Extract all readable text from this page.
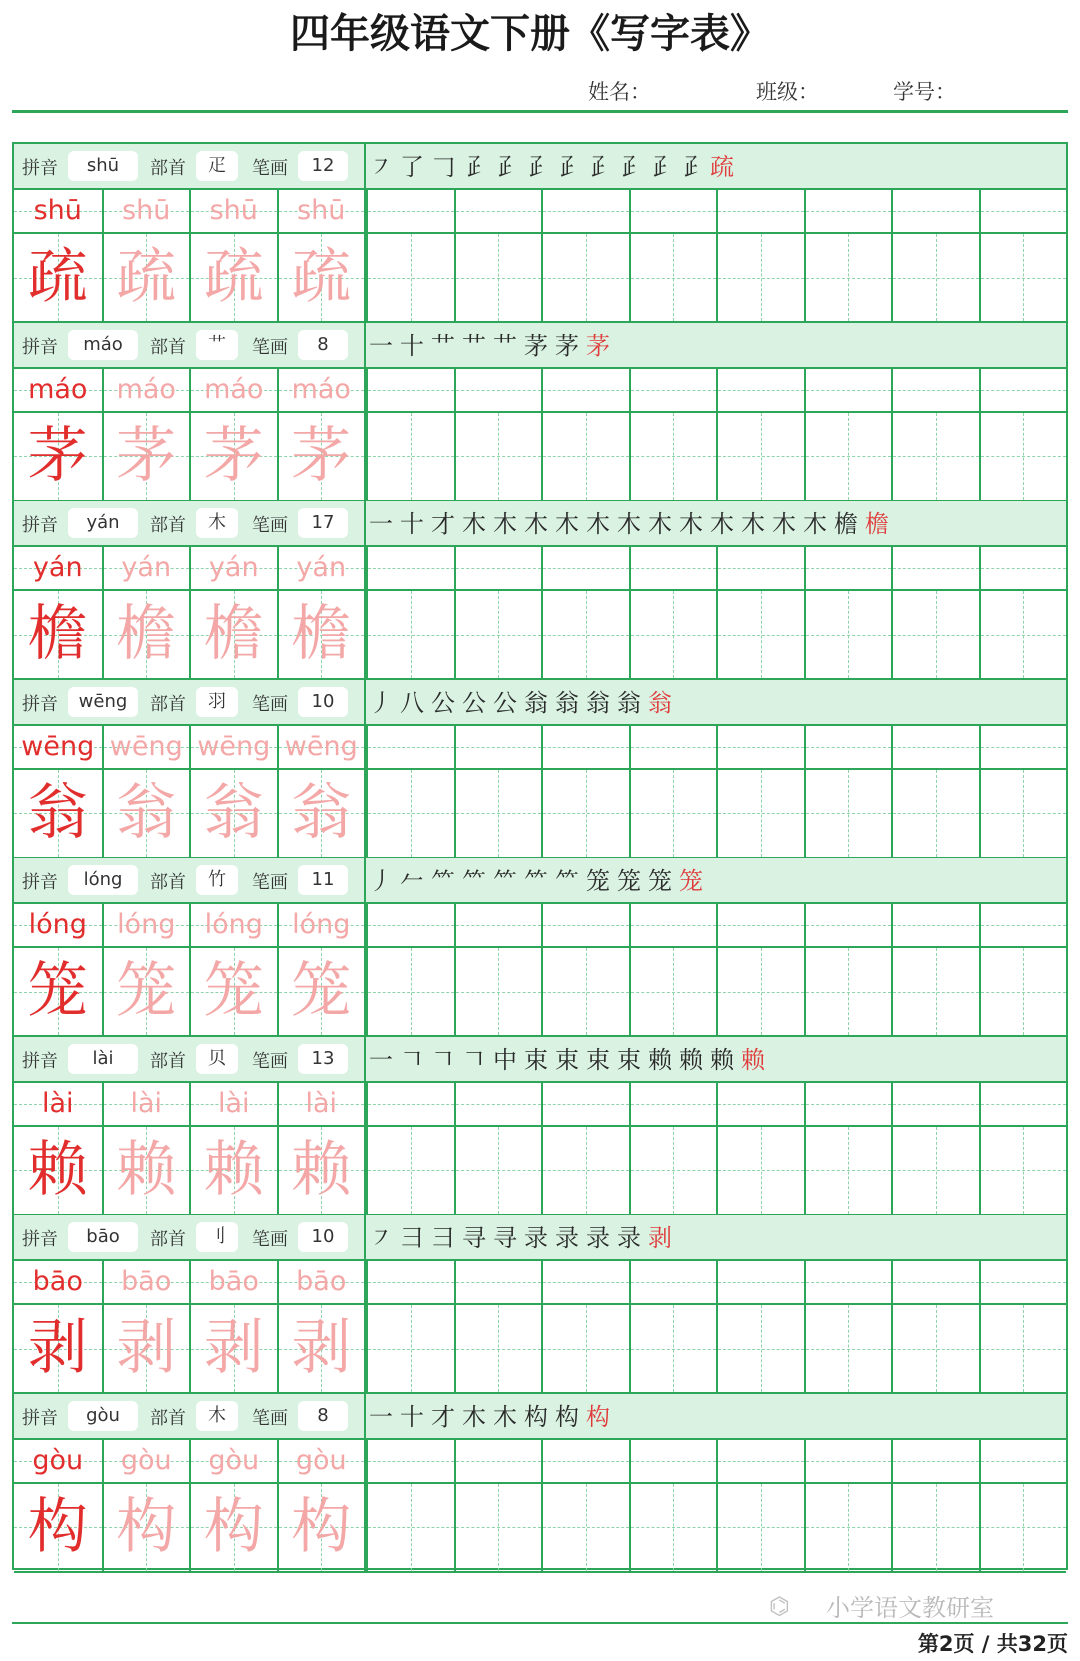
四年级语文下册《写字表》
姓名：	班级：	学号：
拼音	shū	部首	疋	笔画	12	㇇了𠃌𤴔𤴔𤴔𤴔𤴔𤴔𤴔𤴔疏
shū	shū	shū	shū
疏 疏 疏 疏
拼音	máo	部首	艹	笔画	8	一十艹艹艹茅茅茅
máo	máo	máo	máo
茅 茅 茅 茅
拼音	yán	部首	木	笔画	17	一十才木木木木木木木木木木木木檐檐
yán	yán	yán	yán
檐 檐 檐 檐
拼音	wēng	部首	羽	笔画	10	丿八公公公翁翁翁翁翁
wēng wēng wēng wēng
翁 翁 翁 翁
拼音	lóng	部首	竹	笔画	11	丿𠂉⺮⺮⺮⺮⺮笼笼笼笼
lóng	lóng	lóng	lóng
笼 笼 笼 笼
拼音	lài	部首	贝	笔画	13	一𠃍𠃍𠃍中束束束束赖赖赖赖
lài	lài	lài	lài
赖 赖 赖 赖
拼音	bāo	部首	刂	笔画	10	㇇彐彐寻寻录录录录剥
bāo	bāo	bāo	bāo
剥 剥 剥 剥
拼音	gòu	部首	木	笔画	8	一十才木木构构构
gòu	gòu	gòu	gòu
构 构 构 构
⌬ 小学语文教研室
第2页 / 共32页
